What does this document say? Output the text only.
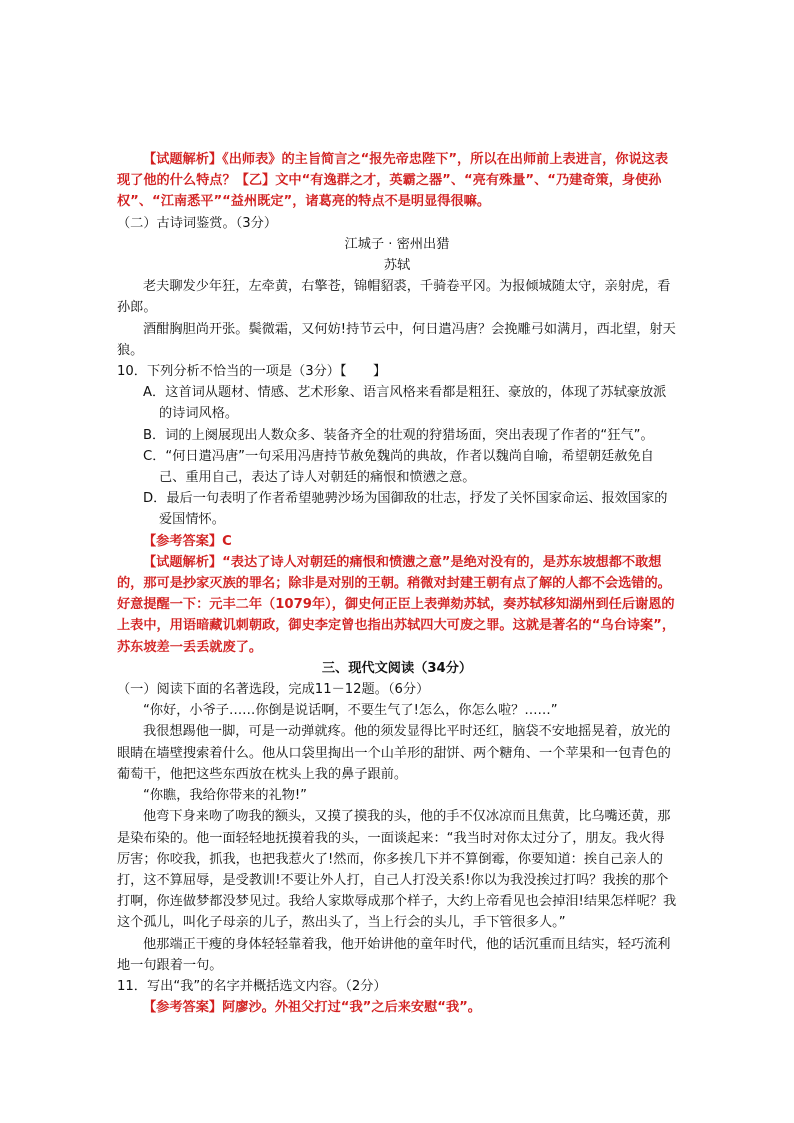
【试题解析】《出师表》的主旨简言之“报先帝忠陛下”，所以在出师前上表进言，你说这表现了他的什么特点？【乙】文中“有逸群之才，英霸之器”、“亮有殊量”、“乃建奇策，身使孙权”、“江南悉平”“益州既定”，诸葛亮的特点不是明显得很嘛。

（二）古诗词鉴赏。（3分）

江城子 · 密州出猎

苏轼

老夫聊发少年狂，左牵黄，右擎苍，锦帽貂裘，千骑卷平冈。为报倾城随太守，亲射虎，看孙郎。

酒酣胸胆尚开张。鬓微霜，又何妨!持节云中，何日遣冯唐？会挽雕弓如满月，西北望，射天狼。

10．下列分析不恰当的一项是（3分）【　　】

A．这首词从题材、情感、艺术形象、语言风格来看都是粗狂、豪放的，体现了苏轼豪放派的诗词风格。

B．词的上阕展现出人数众多、装备齐全的壮观的狩猎场面，突出表现了作者的“狂气”。

C．“何日遣冯唐”一句采用冯唐持节赦免魏尚的典故，作者以魏尚自喻，希望朝廷赦免自己、重用自己，表达了诗人对朝廷的痛恨和愤懑之意。

D．最后一句表明了作者希望驰骋沙场为国御敌的壮志，抒发了关怀国家命运、报效国家的爱国情怀。

【参考答案】C

【试题解析】“表达了诗人对朝廷的痛恨和愤懑之意”是绝对没有的，是苏东坡想都不敢想的，那可是抄家灭族的罪名；除非是对别的王朝。稍微对封建王朝有点了解的人都不会选错的。好意提醒一下：元丰二年（1079年），御史何正臣上表弹劾苏轼，奏苏轼移知湖州到任后谢恩的上表中，用语暗藏讥刺朝政，御史李定曾也指出苏轼四大可废之罪。这就是著名的“乌台诗案”，苏东坡差一丢丢就废了。

三、现代文阅读（34分）

（一）阅读下面的名著选段，完成11－12题。（6分）

“你好，小爷子……你倒是说话啊，不要生气了!怎么，你怎么啦？……”

我很想踢他一脚，可是一动弹就疼。他的须发显得比平时还红，脑袋不安地摇晃着，放光的眼睛在墙壁搜索着什么。他从口袋里掏出一个山羊形的甜饼、两个糖角、一个苹果和一包青色的葡萄干，他把这些东西放在枕头上我的鼻子跟前。

“你瞧，我给你带来的礼物!”

他弯下身来吻了吻我的额头，又摸了摸我的头，他的手不仅冰凉而且焦黄，比乌嘴还黄，那是染布染的。他一面轻轻地抚摸着我的头，一面谈起来：“我当时对你太过分了，朋友。我火得厉害；你咬我，抓我，也把我惹火了!然而，你多挨几下并不算倒霉，你要知道：挨自己亲人的打，这不算屈辱，是受教训!不要让外人打，自己人打没关系!你以为我没挨过打吗？我挨的那个打啊，你连做梦都没梦见过。我给人家欺辱成那个样子，大约上帝看见也会掉泪!结果怎样呢？我这个孤儿，叫化子母亲的儿子，熬出头了，当上行会的头儿，手下管很多人。”

他那端正干瘦的身体轻轻靠着我，他开始讲他的童年时代，他的话沉重而且结实，轻巧流利地一句跟着一句。

11．写出“我”的名字并概括选文内容。（2分）

【参考答案】阿廖沙。外祖父打过“我”之后来安慰“我”。
